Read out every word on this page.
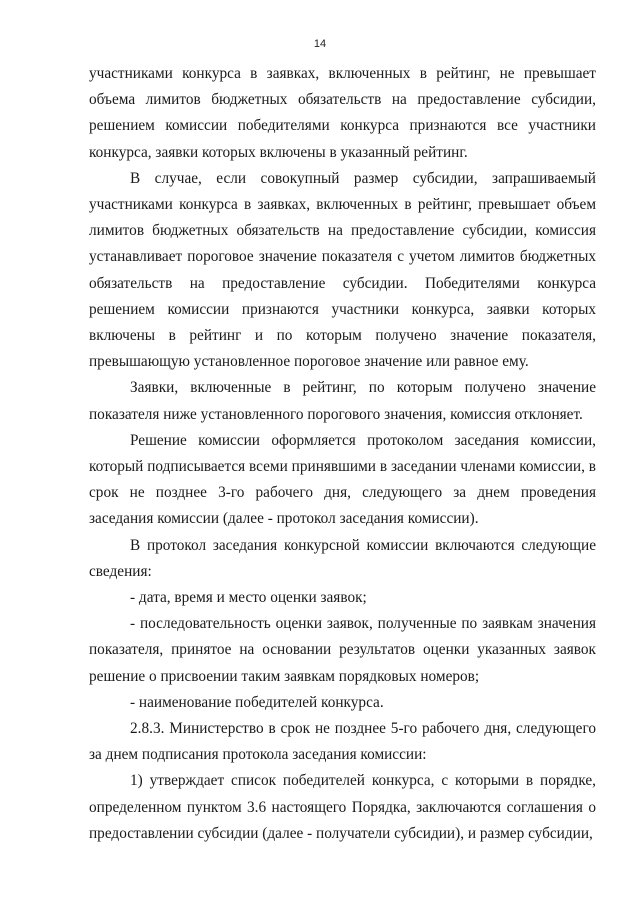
14

участниками конкурса в заявках, включенных в рейтинг, не превышает объема лимитов бюджетных обязательств на предоставление субсидии, решением комиссии победителями конкурса признаются все участники конкурса, заявки которых включены в указанный рейтинг.

В случае, если совокупный размер субсидии, запрашиваемый участниками конкурса в заявках, включенных в рейтинг, превышает объем лимитов бюджетных обязательств на предоставление субсидии, комиссия устанавливает пороговое значение показателя с учетом лимитов бюджетных обязательств на предоставление субсидии. Победителями конкурса решением комиссии признаются участники конкурса, заявки которых включены в рейтинг и по которым получено значение показателя, превышающую установленное пороговое значение или равное ему.

Заявки, включенные в рейтинг, по которым получено значение показателя ниже установленного порогового значения, комиссия отклоняет.

Решение комиссии оформляется протоколом заседания комиссии, который подписывается всеми принявшими в заседании членами комиссии, в срок не позднее 3-го рабочего дня, следующего за днем проведения заседания комиссии (далее - протокол заседания комиссии).

В протокол заседания конкурсной комиссии включаются следующие сведения:

- дата, время и место оценки заявок;

- последовательность оценки заявок, полученные по заявкам значения показателя, принятое на основании результатов оценки указанных заявок решение о присвоении таким заявкам порядковых номеров;

- наименование победителей конкурса.

2.8.3. Министерство в срок не позднее 5-го рабочего дня, следующего за днем подписания протокола заседания комиссии:

1) утверждает список победителей конкурса, с которыми в порядке, определенном пунктом 3.6 настоящего Порядка, заключаются соглашения о предоставлении субсидии (далее - получатели субсидии), и размер субсидии,
